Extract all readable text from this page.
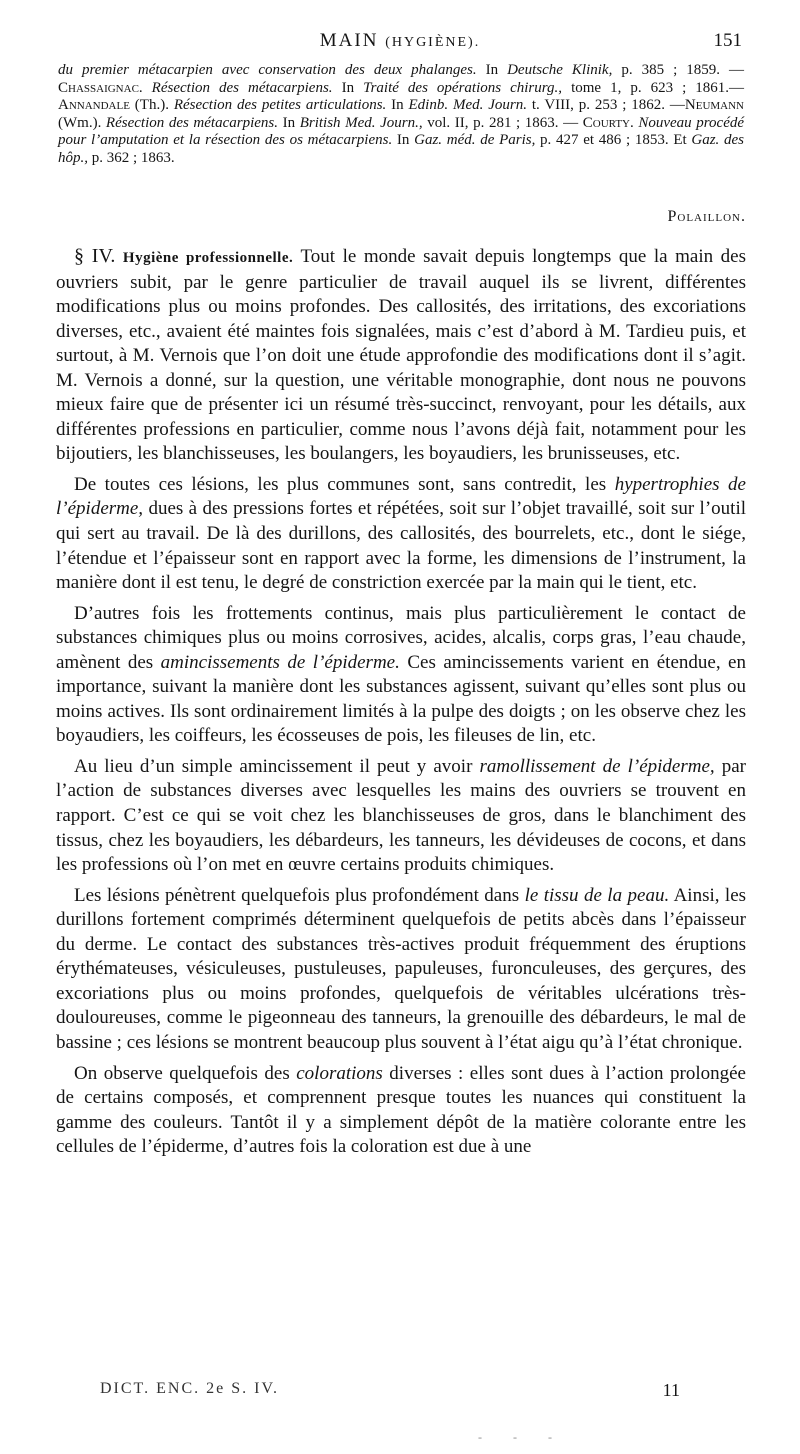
MAIN (HYGIÈNE).	151
du premier métacarpien avec conservation des deux phalanges. In Deutsche Klinik, p. 385 ; 1859. — Chassaignac. Résection des métacarpiens. In Traité des opérations chirurg., tome 1, p. 623 ; 1861.— Annandale (Th.). Résection des petites articulations. In Edinb. Med. Journ. t. VIII, p. 253 ; 1862. —Neumann (Wm.). Résection des métacarpiens. In British Med. Journ., vol. II, p. 281 ; 1863. — Courty. Nouveau procédé pour l’amputation et la résection des os métacarpiens. In Gaz. méd. de Paris, p. 427 et 486 ; 1853. Et Gaz. des hôp., p. 362 ; 1863.
Polaillon.

§ IV. Hygiène professionnelle. Tout le monde savait depuis longtemps que la main des ouvriers subit, par le genre particulier de travail auquel ils se livrent, différentes modifications plus ou moins profondes. Des callosités, des irritations, des excoriations diverses, etc., avaient été maintes fois signalées, mais c’est d’abord à M. Tardieu puis, et surtout, à M. Vernois que l’on doit une étude approfondie des modifications dont il s’agit. M. Vernois a donné, sur la question, une véritable monographie, dont nous ne pouvons mieux faire que de présenter ici un résumé très-succinct, renvoyant, pour les détails, aux différentes professions en particulier, comme nous l’avons déjà fait, notamment pour les bijoutiers, les blanchisseuses, les boulangers, les boyaudiers, les brunisseuses, etc.

De toutes ces lésions, les plus communes sont, sans contredit, les hypertrophies de l’épiderme, dues à des pressions fortes et répétées, soit sur l’objet travaillé, soit sur l’outil qui sert au travail. De là des durillons, des callosités, des bourrelets, etc., dont le siége, l’étendue et l’épaisseur sont en rapport avec la forme, les dimensions de l’instrument, la manière dont il est tenu, le degré de constriction exercée par la main qui le tient, etc.

D’autres fois les frottements continus, mais plus particulièrement le contact de substances chimiques plus ou moins corrosives, acides, alcalis, corps gras, l’eau chaude, amènent des amincissements de l’épiderme. Ces amincissements varient en étendue, en importance, suivant la manière dont les substances agissent, suivant qu’elles sont plus ou moins actives. Ils sont ordinairement limités à la pulpe des doigts ; on les observe chez les boyaudiers, les coiffeurs, les écosseuses de pois, les fileuses de lin, etc.

Au lieu d’un simple amincissement il peut y avoir ramollissement de l’épiderme, par l’action de substances diverses avec lesquelles les mains des ouvriers se trouvent en rapport. C’est ce qui se voit chez les blanchisseuses de gros, dans le blanchiment des tissus, chez les boyaudiers, les débardeurs, les tanneurs, les dévideuses de cocons, et dans les professions où l’on met en œuvre certains produits chimiques.

Les lésions pénètrent quelquefois plus profondément dans le tissu de la peau. Ainsi, les durillons fortement comprimés déterminent quelquefois de petits abcès dans l’épaisseur du derme. Le contact des substances très-actives produit fréquemment des éruptions érythémateuses, vésiculeuses, pustuleuses, papuleuses, furonculeuses, des gerçures, des excoriations plus ou moins profondes, quelquefois de véritables ulcérations très-douloureuses, comme le pigeonneau des tanneurs, la grenouille des débardeurs, le mal de bassine ; ces lésions se montrent beaucoup plus souvent à l’état aigu qu’à l’état chronique.

On observe quelquefois des colorations diverses : elles sont dues à l’action prolongée de certains composés, et comprennent presque toutes les nuances qui constituent la gamme des couleurs. Tantôt il y a simplement dépôt de la matière colorante entre les cellules de l’épiderme, d’autres fois la coloration est due à une

DICT. ENC. 2e S. IV.	11
- - -
